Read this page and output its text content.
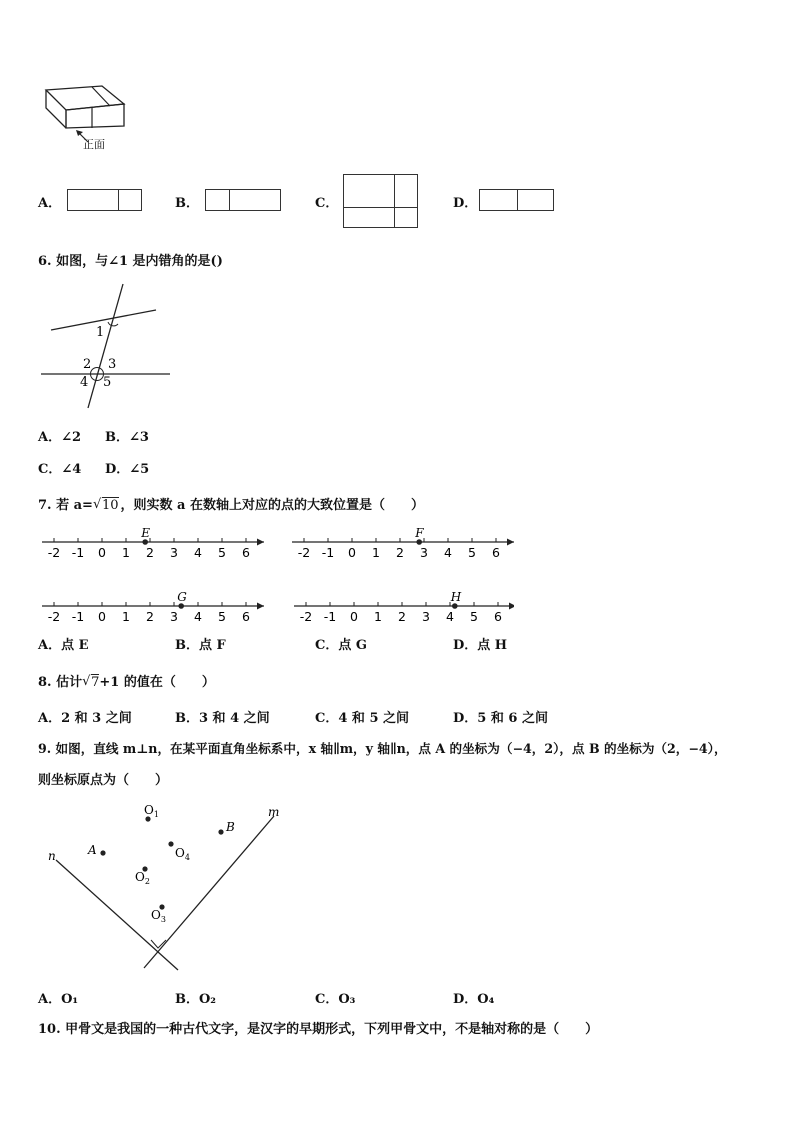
正面
A．	B．	C．	D．
6. 如图，与∠1 是内错角的是()
1
2 3
4 5
A．∠2 B．∠3
C．∠4 D．∠5
7. 若 a= √ 10 ，则实数 a 在数轴上对应的点的大致位置是（　　）
-2 -1 0 1 2 3 4 5 6
E
-2 -1 0 1 2 3 4 5 6
F
-2 -1 0 1 2 3 4 5 6
G
-2 -1 0 1 2 3 4 5 6
H
A．点 E	B．点 F	C．点 G	D．点 H
8. 估计 √ 7+1 的值在（　　）
A．2 和 3 之间	B．3 和 4 之间	C．4 和 5 之间	D．5 和 6 之间
9. 如图，直线 m⊥n，在某平面直角坐标系中，x 轴∥m，y 轴∥n，点 A 的坐标为（−4，2），点 B 的坐标为（2，−4），
则坐标原点为（　　）
n
m
A
B
$O_1$
$O_2$
$O_3$
$O_4$
A．O₁	B．O₂	C．O₃	D．O₄
10. 甲骨文是我国的一种古代文字，是汉字的早期形式，下列甲骨文中，不是轴对称的是（　　）
